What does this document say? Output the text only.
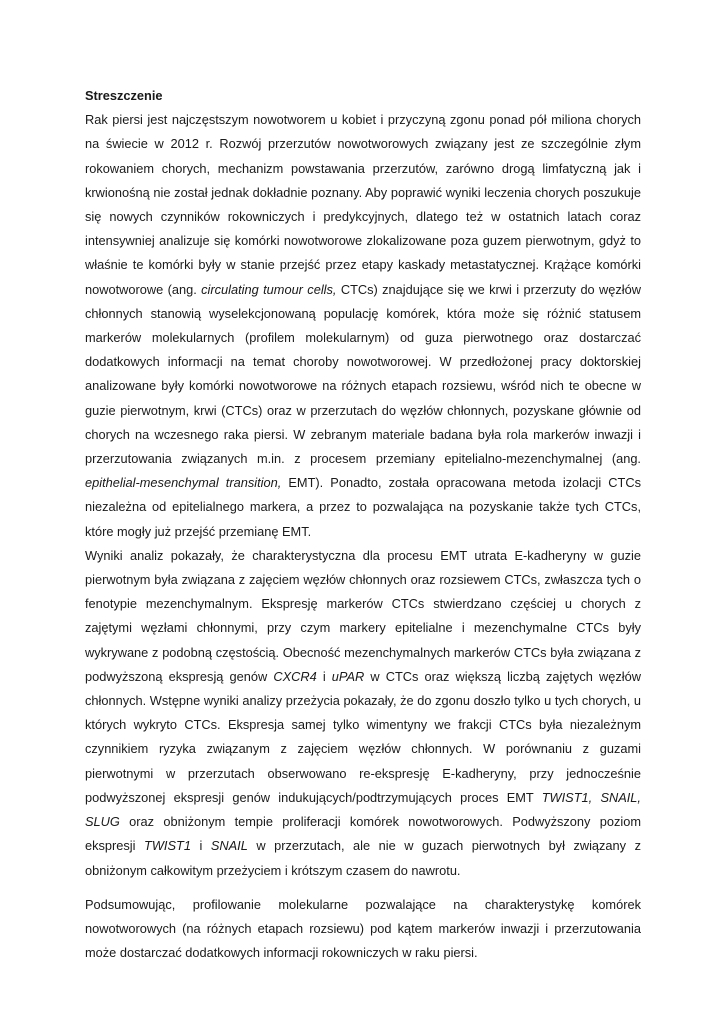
Streszczenie

Rak piersi jest najczęstszym nowotworem u kobiet i przyczyną zgonu ponad pół miliona chorych na świecie w 2012 r. Rozwój przerzutów nowotworowych związany jest ze szczególnie złym rokowaniem chorych, mechanizm powstawania przerzutów, zarówno drogą limfatyczną jak i krwionośną nie został jednak dokładnie poznany. Aby poprawić wyniki leczenia chorych poszukuje się nowych czynników rokowniczych i predykcyjnych, dlatego też w ostatnich latach coraz intensywniej analizuje się komórki nowotworowe zlokalizowane poza guzem pierwotnym, gdyż to właśnie te komórki były w stanie przejść przez etapy kaskady metastatycznej. Krążące komórki nowotworowe (ang. circulating tumour cells, CTCs) znajdujące się we krwi i przerzuty do węzłów chłonnych stanowią wyselekcjonowaną populację komórek, która może się różnić statusem markerów molekularnych (profilem molekularnym) od guza pierwotnego oraz dostarczać dodatkowych informacji na temat choroby nowotworowej. W przedłożonej pracy doktorskiej analizowane były komórki nowotworowe na różnych etapach rozsiewu, wśród nich te obecne w guzie pierwotnym, krwi (CTCs) oraz w przerzutach do węzłów chłonnych, pozyskane głównie od chorych na wczesnego raka piersi. W zebranym materiale badana była rola markerów inwazji i przerzutowania związanych m.in. z procesem przemiany epitelialno-mezenchymalnej (ang. epithelial-mesenchymal transition, EMT). Ponadto, została opracowana metoda izolacji CTCs niezależna od epitelialnego markera, a przez to pozwalająca na pozyskanie także tych CTCs, które mogły już przejść przemianę EMT.

Wyniki analiz pokazały, że charakterystyczna dla procesu EMT utrata E-kadheryny w guzie pierwotnym była związana z zajęciem węzłów chłonnych oraz rozsiewem CTCs, zwłaszcza tych o fenotypie mezenchymalnym. Ekspresję markerów CTCs stwierdzano częściej u chorych z zajętymi węzłami chłonnymi, przy czym markery epitelialne i mezenchymalne CTCs były wykrywane z podobną częstością. Obecność mezenchymalnych markerów CTCs była związana z podwyższoną ekspresją genów CXCR4 i uPAR w CTCs oraz większą liczbą zajętych węzłów chłonnych. Wstępne wyniki analizy przeżycia pokazały, że do zgonu doszło tylko u tych chorych, u których wykryto CTCs. Ekspresja samej tylko wimentyny we frakcji CTCs była niezależnym czynnikiem ryzyka związanym z zajęciem węzłów chłonnych. W porównaniu z guzami pierwotnymi w przerzutach obserwowano re-ekspresję E-kadheryny, przy jednocześnie podwyższonej ekspresji genów indukujących/podtrzymujących proces EMT TWIST1, SNAIL, SLUG oraz obniżonym tempie proliferacji komórek nowotworowych. Podwyższony poziom ekspresji TWIST1 i SNAIL w przerzutach, ale nie w guzach pierwotnych był związany z obniżonym całkowitym przeżyciem i krótszym czasem do nawrotu.

Podsumowując, profilowanie molekularne pozwalające na charakterystykę komórek nowotworowych (na różnych etapach rozsiewu) pod kątem markerów inwazji i przerzutowania może dostarczać dodatkowych informacji rokowniczych w raku piersi.
